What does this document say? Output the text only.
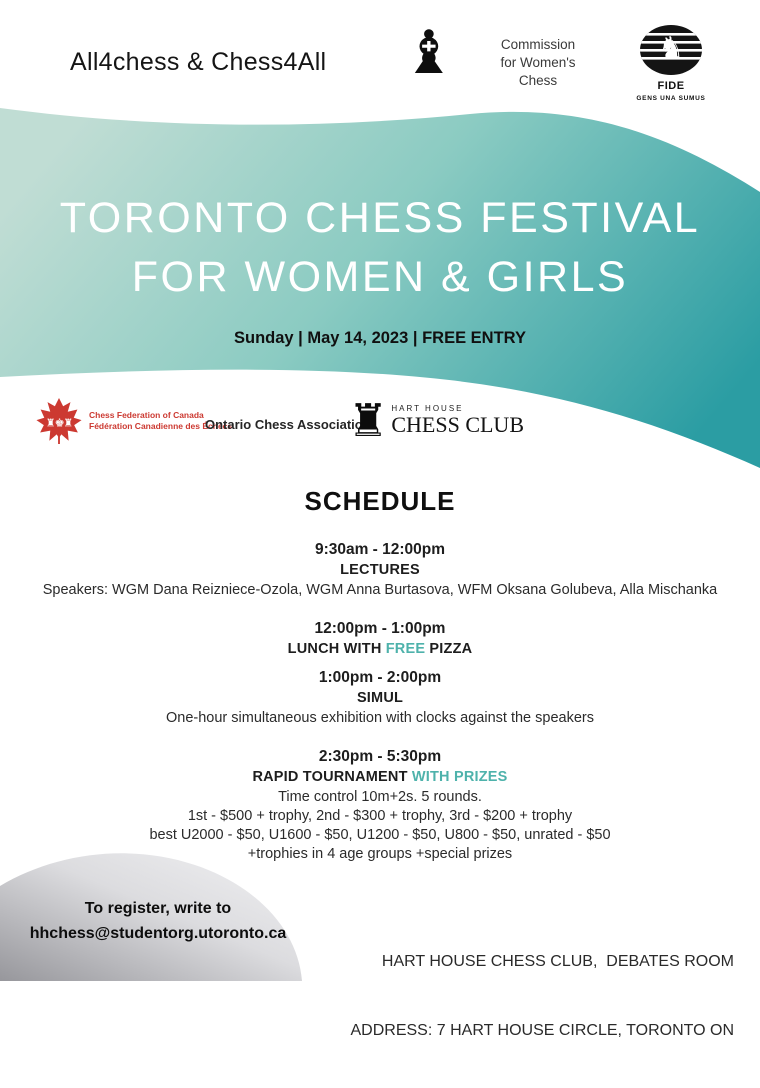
All4chess & Chess4All ♝	Commission
for Women's
Chess
♞
FIDE
GENS UNA SUMUS
TORONTO CHESS FESTIVAL
FOR WOMEN & GIRLS
Sunday | May 14, 2023 | FREE ENTRY
♜♚♜
Chess Federation of Canada
Fédération Canadienne des Échecs
Ontario Chess Association
♜ HART HOUSE
CHESS CLUB
SCHEDULE
9:30am - 12:00pm
LECTURES
Speakers: WGM Dana Reizniece-Ozola, WGM Anna Burtasova, WFM Oksana Golubeva, Alla Mischanka
12:00pm - 1:00pm
LUNCH WITH FREE PIZZA
1:00pm - 2:00pm
SIMUL
One-hour simultaneous exhibition with clocks against the speakers
2:30pm - 5:30pm
RAPID TOURNAMENT WITH PRIZES
Time control 10m+2s. 5 rounds.
1st - $500 + trophy, 2nd - $300 + trophy, 3rd - $200 + trophy
best U2000 - $50, U1600 - $50, U1200 - $50, U800 - $50, unrated - $50
+trophies in 4 age groups +special prizes
To register, write to
hhchess@studentorg.utoronto.ca

HART HOUSE CHESS CLUB,  DEBATES ROOM

ADDRESS: 7 HART HOUSE CIRCLE, TORONTO ON
